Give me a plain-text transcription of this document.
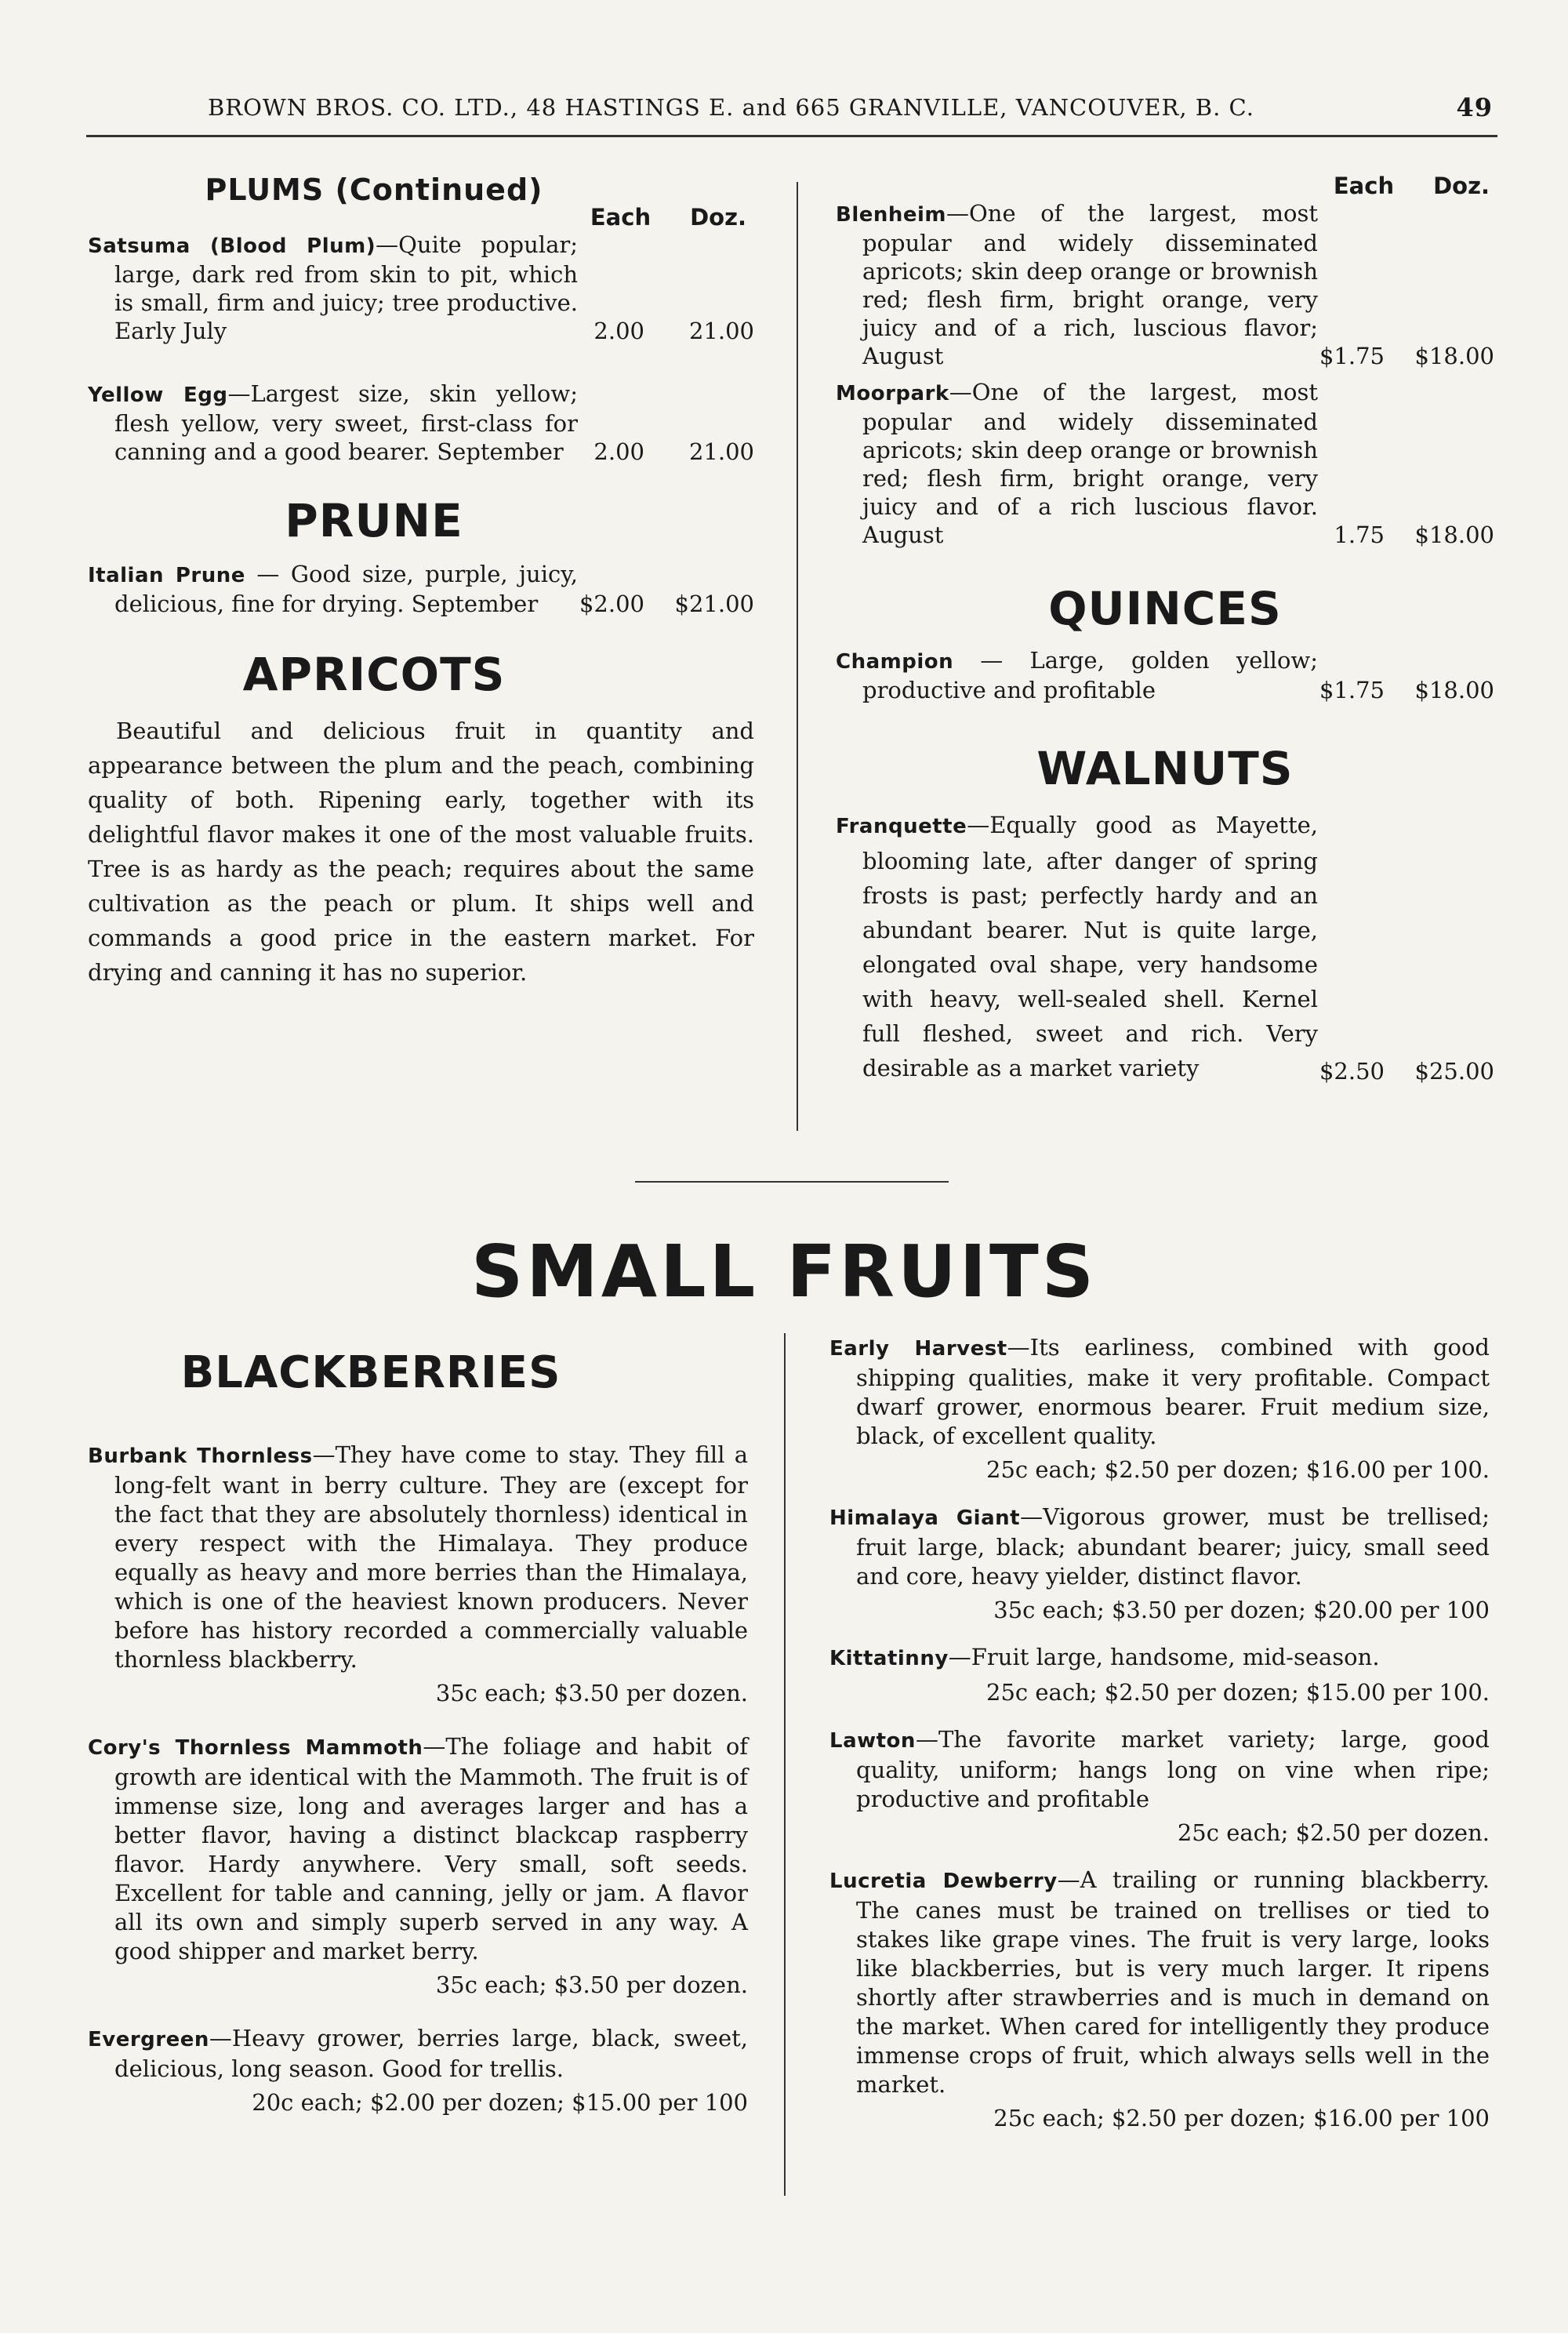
BROWN BROS. CO. LTD., 48 HASTINGS E. and 665 GRANVILLE, VANCOUVER, B. C.	49
PLUMS (Continued)
Each Doz.
Satsuma (Blood Plum)—Quite popular; large, dark red from skin to pit, which is small, firm and juicy; tree productive. Early July	2.00	21.00
Yellow Egg—Largest size, skin yellow; flesh yellow, very sweet, first-class for canning and a good bearer. September	2.00	21.00
PRUNE
Italian Prune — Good size, purple, juicy, delicious, fine for drying. September	$2.00	$21.00
APRICOTS
Beautiful and delicious fruit in quantity and appearance between the plum and the peach, combining quality of both. Ripening early, together with its delightful flavor makes it one of the most valuable fruits. Tree is as hardy as the peach; requires about the same cultivation as the peach or plum. It ships well and commands a good price in the eastern market. For drying and canning it has no superior.
Each Doz.
Blenheim—One of the largest, most popular and widely disseminated apricots; skin deep orange or brownish red; flesh firm, bright orange, very juicy and of a rich, luscious flavor; August	$1.75	$18.00
Moorpark—One of the largest, most popular and widely disseminated apricots; skin deep orange or brownish red; flesh firm, bright orange, very juicy and of a rich luscious flavor. August	1.75	$18.00
QUINCES
Champion — Large, golden yellow; productive and profitable	$1.75	$18.00
WALNUTS
Franquette—Equally good as Mayette, blooming late, after danger of spring frosts is past; perfectly hardy and an abundant bearer. Nut is quite large, elongated oval shape, very handsome with heavy, well-sealed shell. Kernel full fleshed, sweet and rich. Very desirable as a market variety	$2.50	$25.00
SMALL FRUITS
BLACKBERRIES
Burbank Thornless—They have come to stay. They fill a long-felt want in berry culture. They are (except for the fact that they are absolutely thornless) identical in every respect with the Himalaya. They produce equally as heavy and more berries than the Himalaya, which is one of the heaviest known producers. Never before has history recorded a commercially valuable thornless blackberry.
35c each; $3.50 per dozen.
Cory's Thornless Mammoth—The foliage and habit of growth are identical with the Mammoth. The fruit is of immense size, long and averages larger and has a better flavor, having a distinct blackcap raspberry flavor. Hardy anywhere. Very small, soft seeds. Excellent for table and canning, jelly or jam. A flavor all its own and simply superb served in any way. A good shipper and market berry.
35c each; $3.50 per dozen.
Evergreen—Heavy grower, berries large, black, sweet, delicious, long season. Good for trellis.
20c each; $2.00 per dozen; $15.00 per 100
Early Harvest—Its earliness, combined with good shipping qualities, make it very profitable. Compact dwarf grower, enormous bearer. Fruit medium size, black, of excellent quality.
25c each; $2.50 per dozen; $16.00 per 100.
Himalaya Giant—Vigorous grower, must be trellised; fruit large, black; abundant bearer; juicy, small seed and core, heavy yielder, distinct flavor.
35c each; $3.50 per dozen; $20.00 per 100
Kittatinny—Fruit large, handsome, mid-season.
25c each; $2.50 per dozen; $15.00 per 100.
Lawton—The favorite market variety; large, good quality, uniform; hangs long on vine when ripe; productive and profitable
25c each; $2.50 per dozen.
Lucretia Dewberry—A trailing or running blackberry. The canes must be trained on trellises or tied to stakes like grape vines. The fruit is very large, looks like blackberries, but is very much larger. It ripens shortly after strawberries and is much in demand on the market. When cared for intelligently they produce immense crops of fruit, which always sells well in the market.
25c each; $2.50 per dozen; $16.00 per 100
